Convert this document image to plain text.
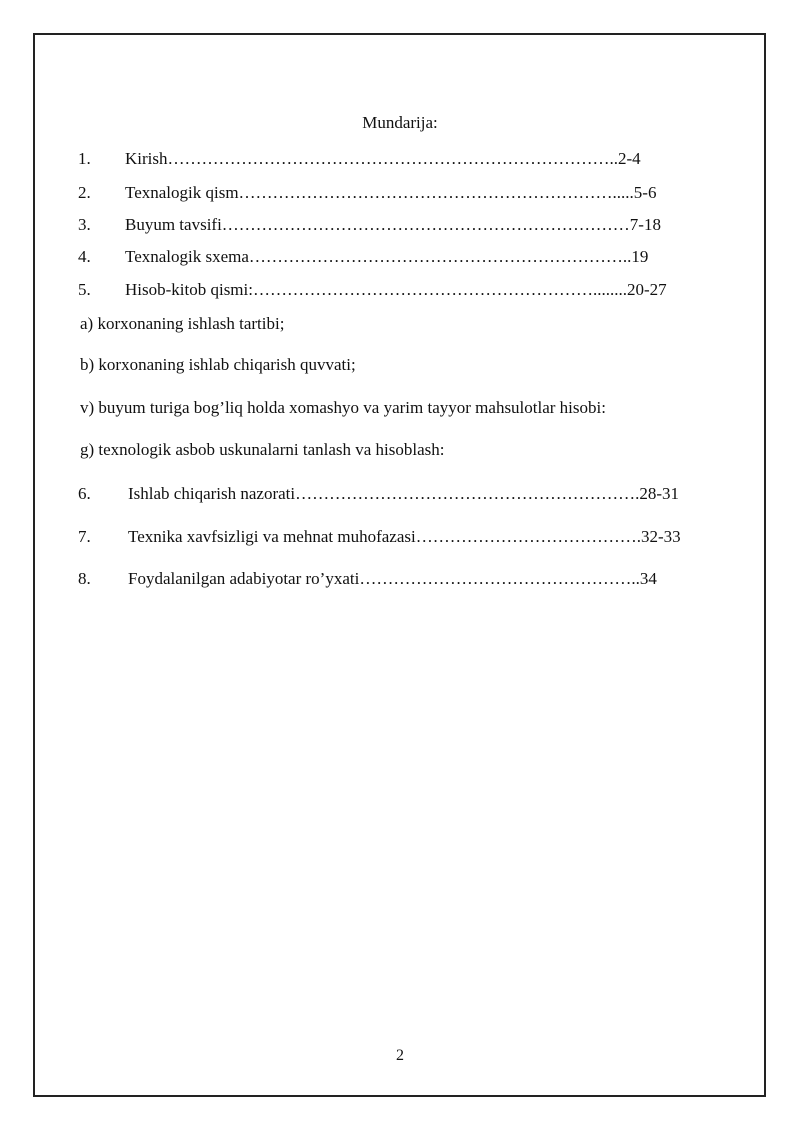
Mundarija:
1. Kirish……………………………………………………………………..2-4
2. Texnalogik qism………………………………………………………….....5-6
3. Buyum tavsifi………………………………………………………………7-18
4. Texnalogik sxema…………………………………………………………..19
5. Hisob-kitob qismi:……………………………………………………........20-27
a) korxonaning ishlash tartibi;
b) korxonaning ishlab chiqarish quvvati;
v) buyum turiga bog’liq holda xomashyo va yarim tayyor mahsulotlar hisobi:
g) texnologik asbob uskunalarni tanlash va hisoblash:
6. Ishlab chiqarish nazorati…………………………………………………….28-31
7. Texnika xavfsizligi va mehnat muhofazasi………………………………….32-33
8. Foydalanilgan adabiyotar ro’yxati…………………………………………..34
2
